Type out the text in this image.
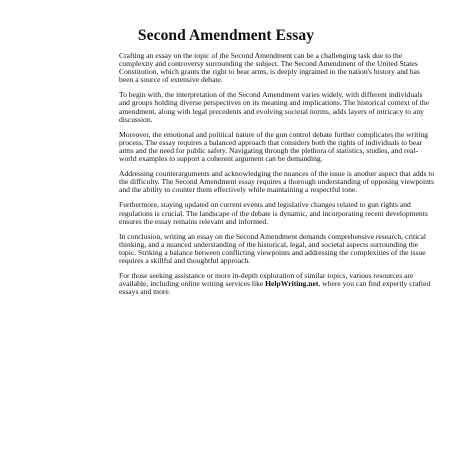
Second Amendment Essay

Crafting an essay on the topic of the Second Amendment can be a challenging task due to the complexity and controversy surrounding the subject. The Second Amendment of the United States Constitution, which grants the right to bear arms, is deeply ingrained in the nation's history and has been a source of extensive debate.

To begin with, the interpretation of the Second Amendment varies widely, with different individuals and groups holding diverse perspectives on its meaning and implications. The historical context of the amendment, along with legal precedents and evolving societal norms, adds layers of intricacy to any discussion.

Moreover, the emotional and political nature of the gun control debate further complicates the writing process. The essay requires a balanced approach that considers both the rights of individuals to bear arms and the need for public safety. Navigating through the plethora of statistics, studies, and real-world examples to support a coherent argument can be demanding.

Addressing counterarguments and acknowledging the nuances of the issue is another aspect that adds to the difficulty. The Second Amendment essay requires a thorough understanding of opposing viewpoints and the ability to counter them effectively while maintaining a respectful tone.

Furthermore, staying updated on current events and legislative changes related to gun rights and regulations is crucial. The landscape of the debate is dynamic, and incorporating recent developments ensures the essay remains relevant and informed.

In conclusion, writing an essay on the Second Amendment demands comprehensive research, critical thinking, and a nuanced understanding of the historical, legal, and societal aspects surrounding the topic. Striking a balance between conflicting viewpoints and addressing the complexities of the issue requires a skillful and thoughtful approach.

For those seeking assistance or more in-depth exploration of similar topics, various resources are available, including online writing services like HelpWriting.net, where you can find expertly crafted essays and more.
